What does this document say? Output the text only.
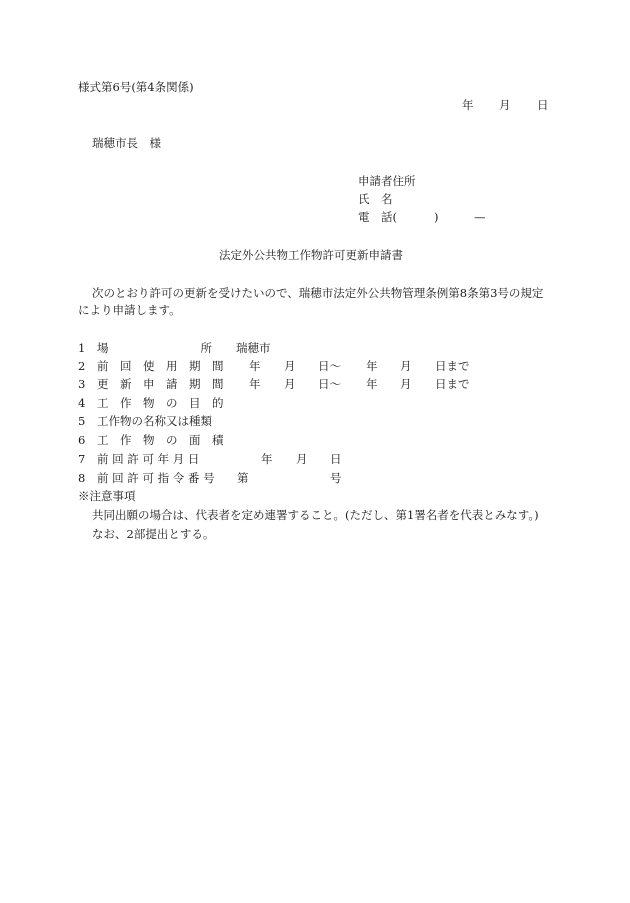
様式第6号(第4条関係)
年 月 日
瑞穂市長　様
申請者住所
氏 名
電　話(	)	—
法定外公共物工作物許可更新申請書
次のとおり許可の更新を受けたいので、瑞穂市法定外公共物管理条例第8条第3号の規定
により申請します。
1 場　　　　　　　　所 瑞穂市
2 前　回　使　用　期　間 年 月 日〜 年 月 日まで
3 更　新　申　請　期　間 年 月 日〜 年 月 日まで
4 工　作　物　の　目　的
5 工作物の名称又は種類
6 工　作　物　の　面　積
7 前 回 許 可 年 月 日	年 月 日
8 前 回 許 可 指 令 番 号 第	号
※注意事項
共同出願の場合は、代表者を定め連署すること。(ただし、第1署名者を代表とみなす。)
なお、2部提出とする。
